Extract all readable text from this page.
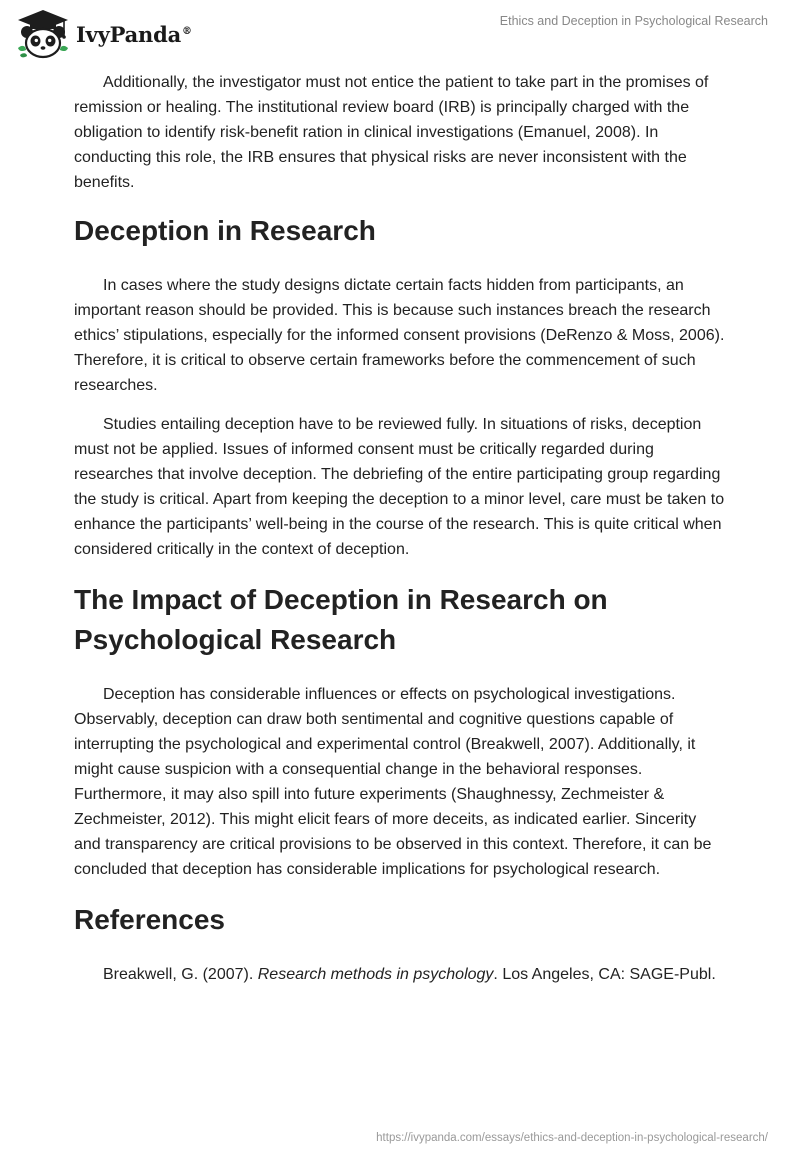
IvyPanda®
Ethics and Deception in Psychological Research

Additionally, the investigator must not entice the patient to take part in the promises of remission or healing. The institutional review board (IRB) is principally charged with the obligation to identify risk-benefit ration in clinical investigations (Emanuel, 2008). In conducting this role, the IRB ensures that physical risks are never inconsistent with the benefits.

Deception in Research

In cases where the study designs dictate certain facts hidden from participants, an important reason should be provided. This is because such instances breach the research ethics’ stipulations, especially for the informed consent provisions (DeRenzo & Moss, 2006). Therefore, it is critical to observe certain frameworks before the commencement of such researches.

Studies entailing deception have to be reviewed fully. In situations of risks, deception must not be applied. Issues of informed consent must be critically regarded during researches that involve deception. The debriefing of the entire participating group regarding the study is critical. Apart from keeping the deception to a minor level, care must be taken to enhance the participants’ well-being in the course of the research. This is quite critical when considered critically in the context of deception.

The Impact of Deception in Research on Psychological Research

Deception has considerable influences or effects on psychological investigations. Observably, deception can draw both sentimental and cognitive questions capable of interrupting the psychological and experimental control (Breakwell, 2007). Additionally, it might cause suspicion with a consequential change in the behavioral responses. Furthermore, it may also spill into future experiments (Shaughnessy, Zechmeister & Zechmeister, 2012). This might elicit fears of more deceits, as indicated earlier. Sincerity and transparency are critical provisions to be observed in this context. Therefore, it can be concluded that deception has considerable implications for psychological research.

References

Breakwell, G. (2007). Research methods in psychology. Los Angeles, CA: SAGE-Publ.

https://ivypanda.com/essays/ethics-and-deception-in-psychological-research/
